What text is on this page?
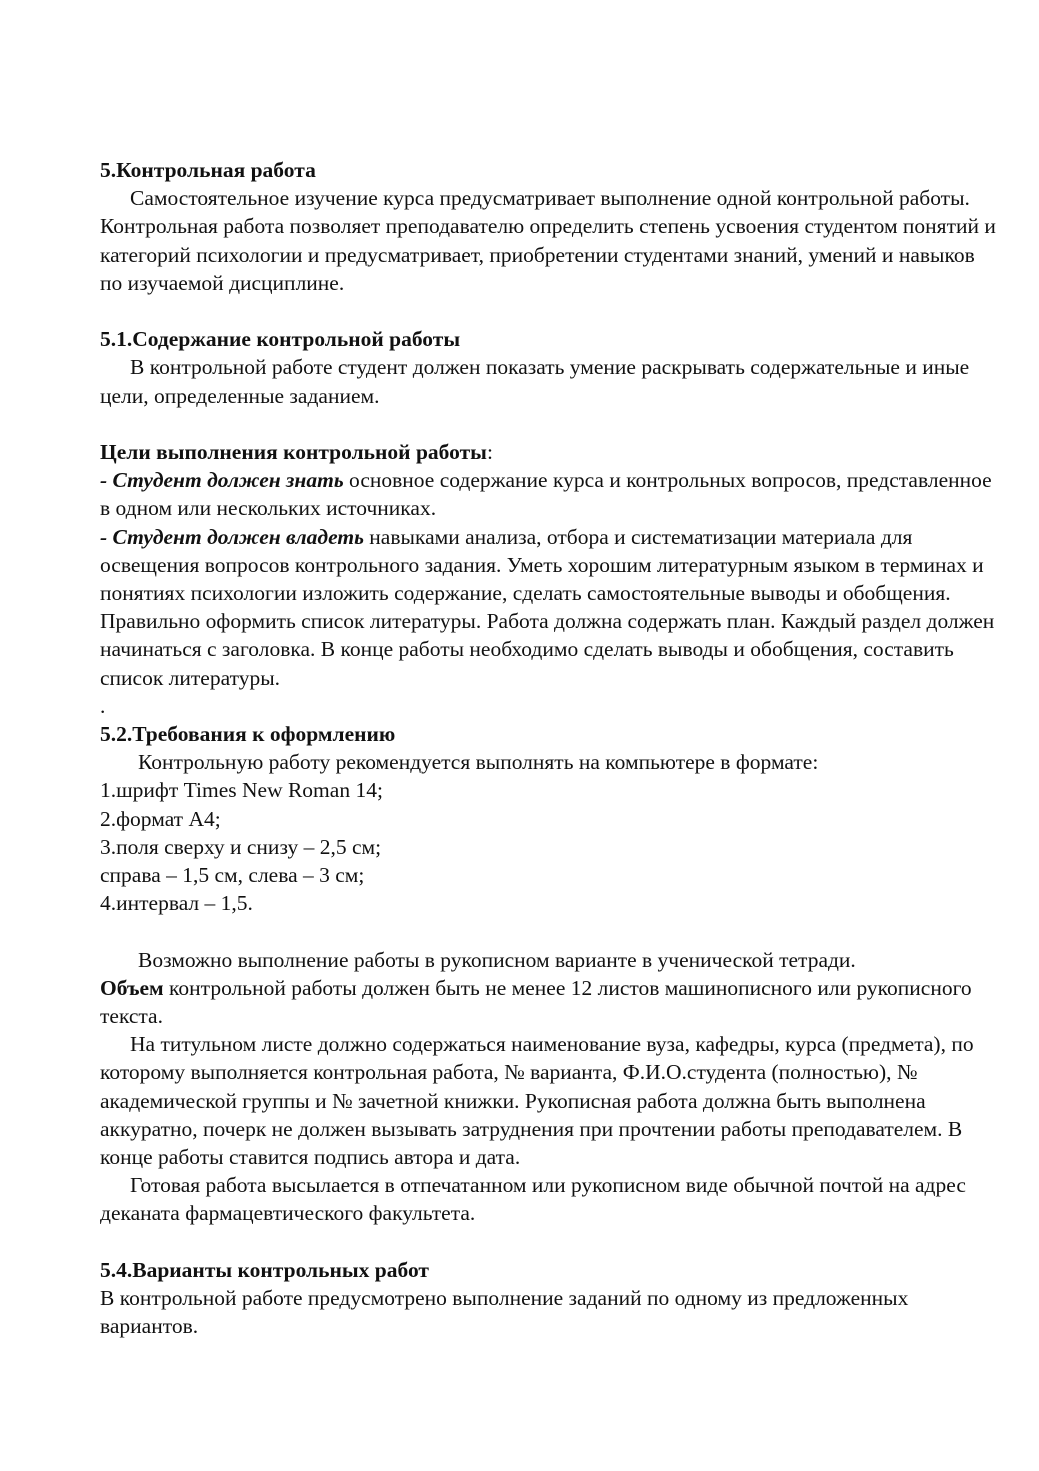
5.Контрольная работа

Самостоятельное изучение курса предусматривает выполнение одной контрольной работы. Контрольная работа позволяет преподавателю определить степень усвоения студентом понятий и категорий психологии и предусматривает, приобретении студентами знаний, умений и навыков по изучаемой дисциплине.

5.1.Содержание контрольной работы

В контрольной работе студент должен показать умение раскрывать содержательные и иные цели, определенные заданием.

Цели выполнения контрольной работы:

- Студент должен знать основное содержание курса и контрольных вопросов, представленное в одном или нескольких источниках.

- Студент должен владеть навыками анализа, отбора и систематизации материала для освещения вопросов контрольного задания. Уметь хорошим литературным языком в терминах и понятиях психологии изложить содержание, сделать самостоятельные выводы и обобщения. Правильно оформить список литературы. Работа должна содержать план. Каждый раздел должен начинаться с заголовка. В конце работы необходимо сделать выводы и обобщения, составить список литературы.

.

5.2.Требования к оформлению

Контрольную работу рекомендуется выполнять на компьютере в формате:

1.шрифт Times New Roman 14;

2.формат А4;

3.поля сверху и снизу – 2,5 см;

справа – 1,5 см, слева – 3 см;

4.интервал – 1,5.

Возможно выполнение работы в рукописном варианте в ученической тетради.

Объем контрольной работы должен быть не менее 12 листов машинописного или рукописного текста.

На титульном листе должно содержаться наименование вуза, кафедры, курса (предмета), по которому выполняется контрольная работа, № варианта, Ф.И.О.студента (полностью), № академической группы и № зачетной книжки. Рукописная работа должна быть выполнена аккуратно, почерк не должен вызывать затруднения при прочтении работы преподавателем. В конце работы ставится подпись автора и дата.

Готовая работа высылается в отпечатанном или рукописном виде обычной почтой на адрес деканата фармацевтического факультета.

5.4.Варианты контрольных работ

В контрольной работе предусмотрено выполнение заданий по одному из предложенных вариантов.
